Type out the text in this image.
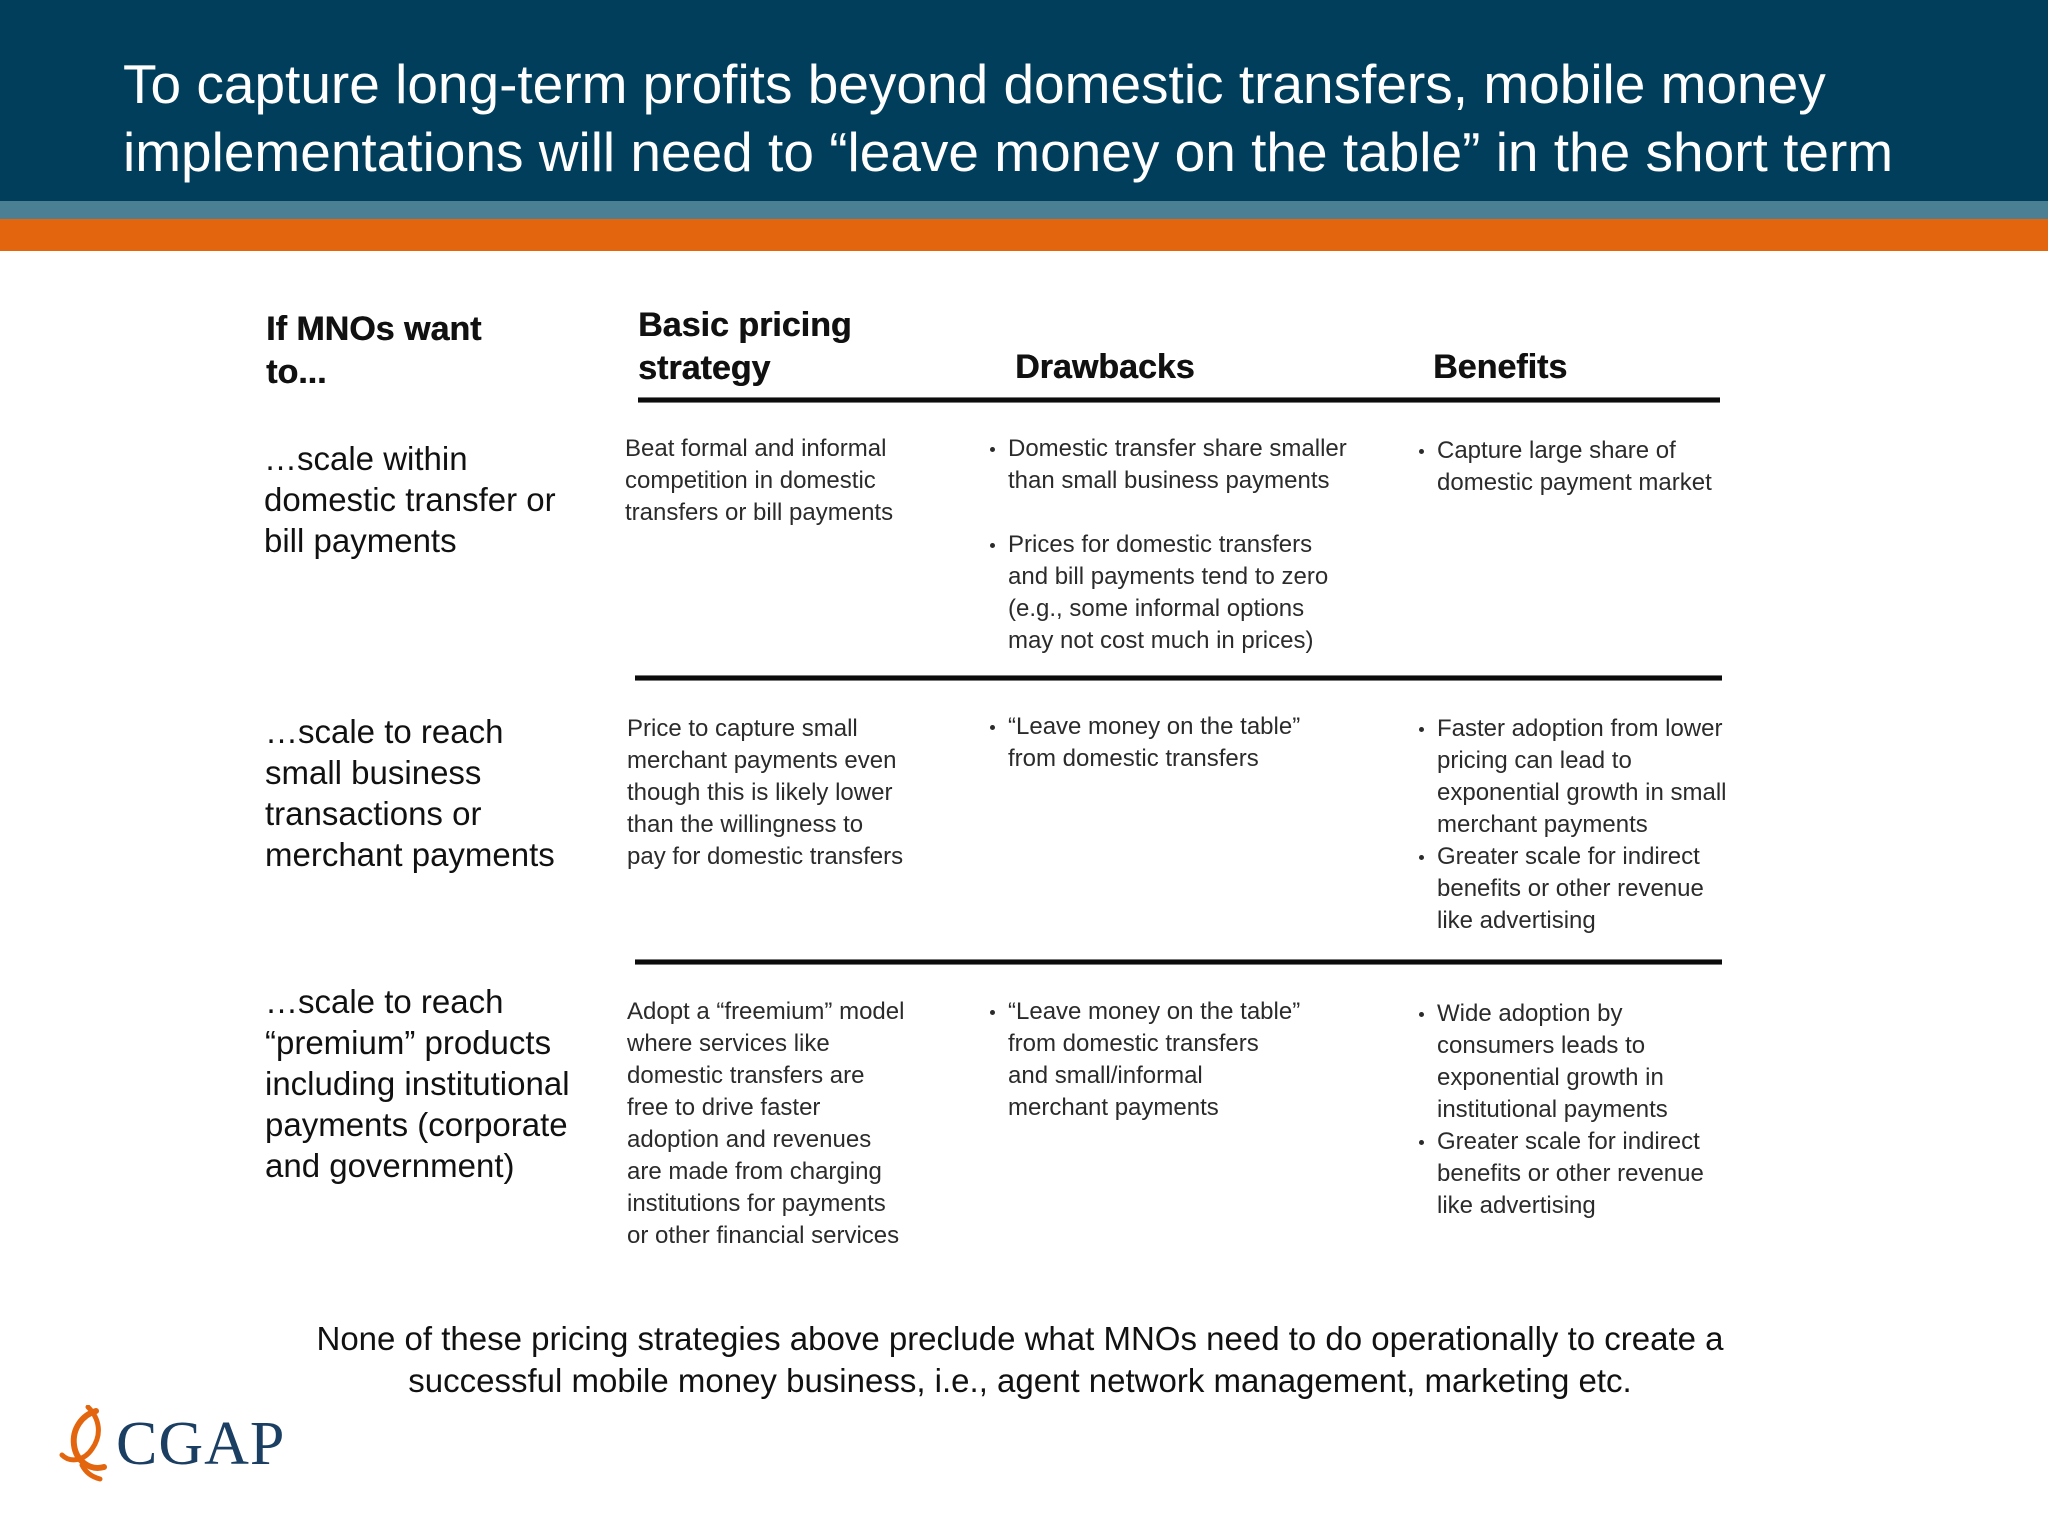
To capture long-term profits beyond domestic transfers, mobile money
implementations will need to “leave money on the table” in the short term
If MNOs want
to...
Basic pricing
strategy	Drawbacks	Benefits
…scale within
domestic transfer or
bill payments
Beat formal and informal
competition in domestic
transfers or bill payments
Domestic transfer share smaller
than small business payments
Prices for domestic transfers
and bill payments tend to zero
(e.g., some informal options
may not cost much in prices)
Capture large share of
domestic payment market
…scale to reach
small business
transactions or
merchant payments
Price to capture small
merchant payments even
though this is likely lower
than the willingness to
pay for domestic transfers
“Leave money on the table”
from domestic transfers
Faster adoption from lower
pricing can lead to
exponential growth in small
merchant payments
Greater scale for indirect
benefits or other revenue
like advertising
…scale to reach
“premium” products
including institutional
payments (corporate
and government)
Adopt a “freemium” model
where services like
domestic transfers are
free to drive faster
adoption and revenues
are made from charging
institutions for payments
or other financial services
“Leave money on the table”
from domestic transfers
and small/informal
merchant payments
Wide adoption by
consumers leads to
exponential growth in
institutional payments
Greater scale for indirect
benefits or other revenue
like advertising
None of these pricing strategies above preclude what MNOs need to do operationally to create a
successful mobile money business, i.e., agent network management, marketing etc.
CGAP
